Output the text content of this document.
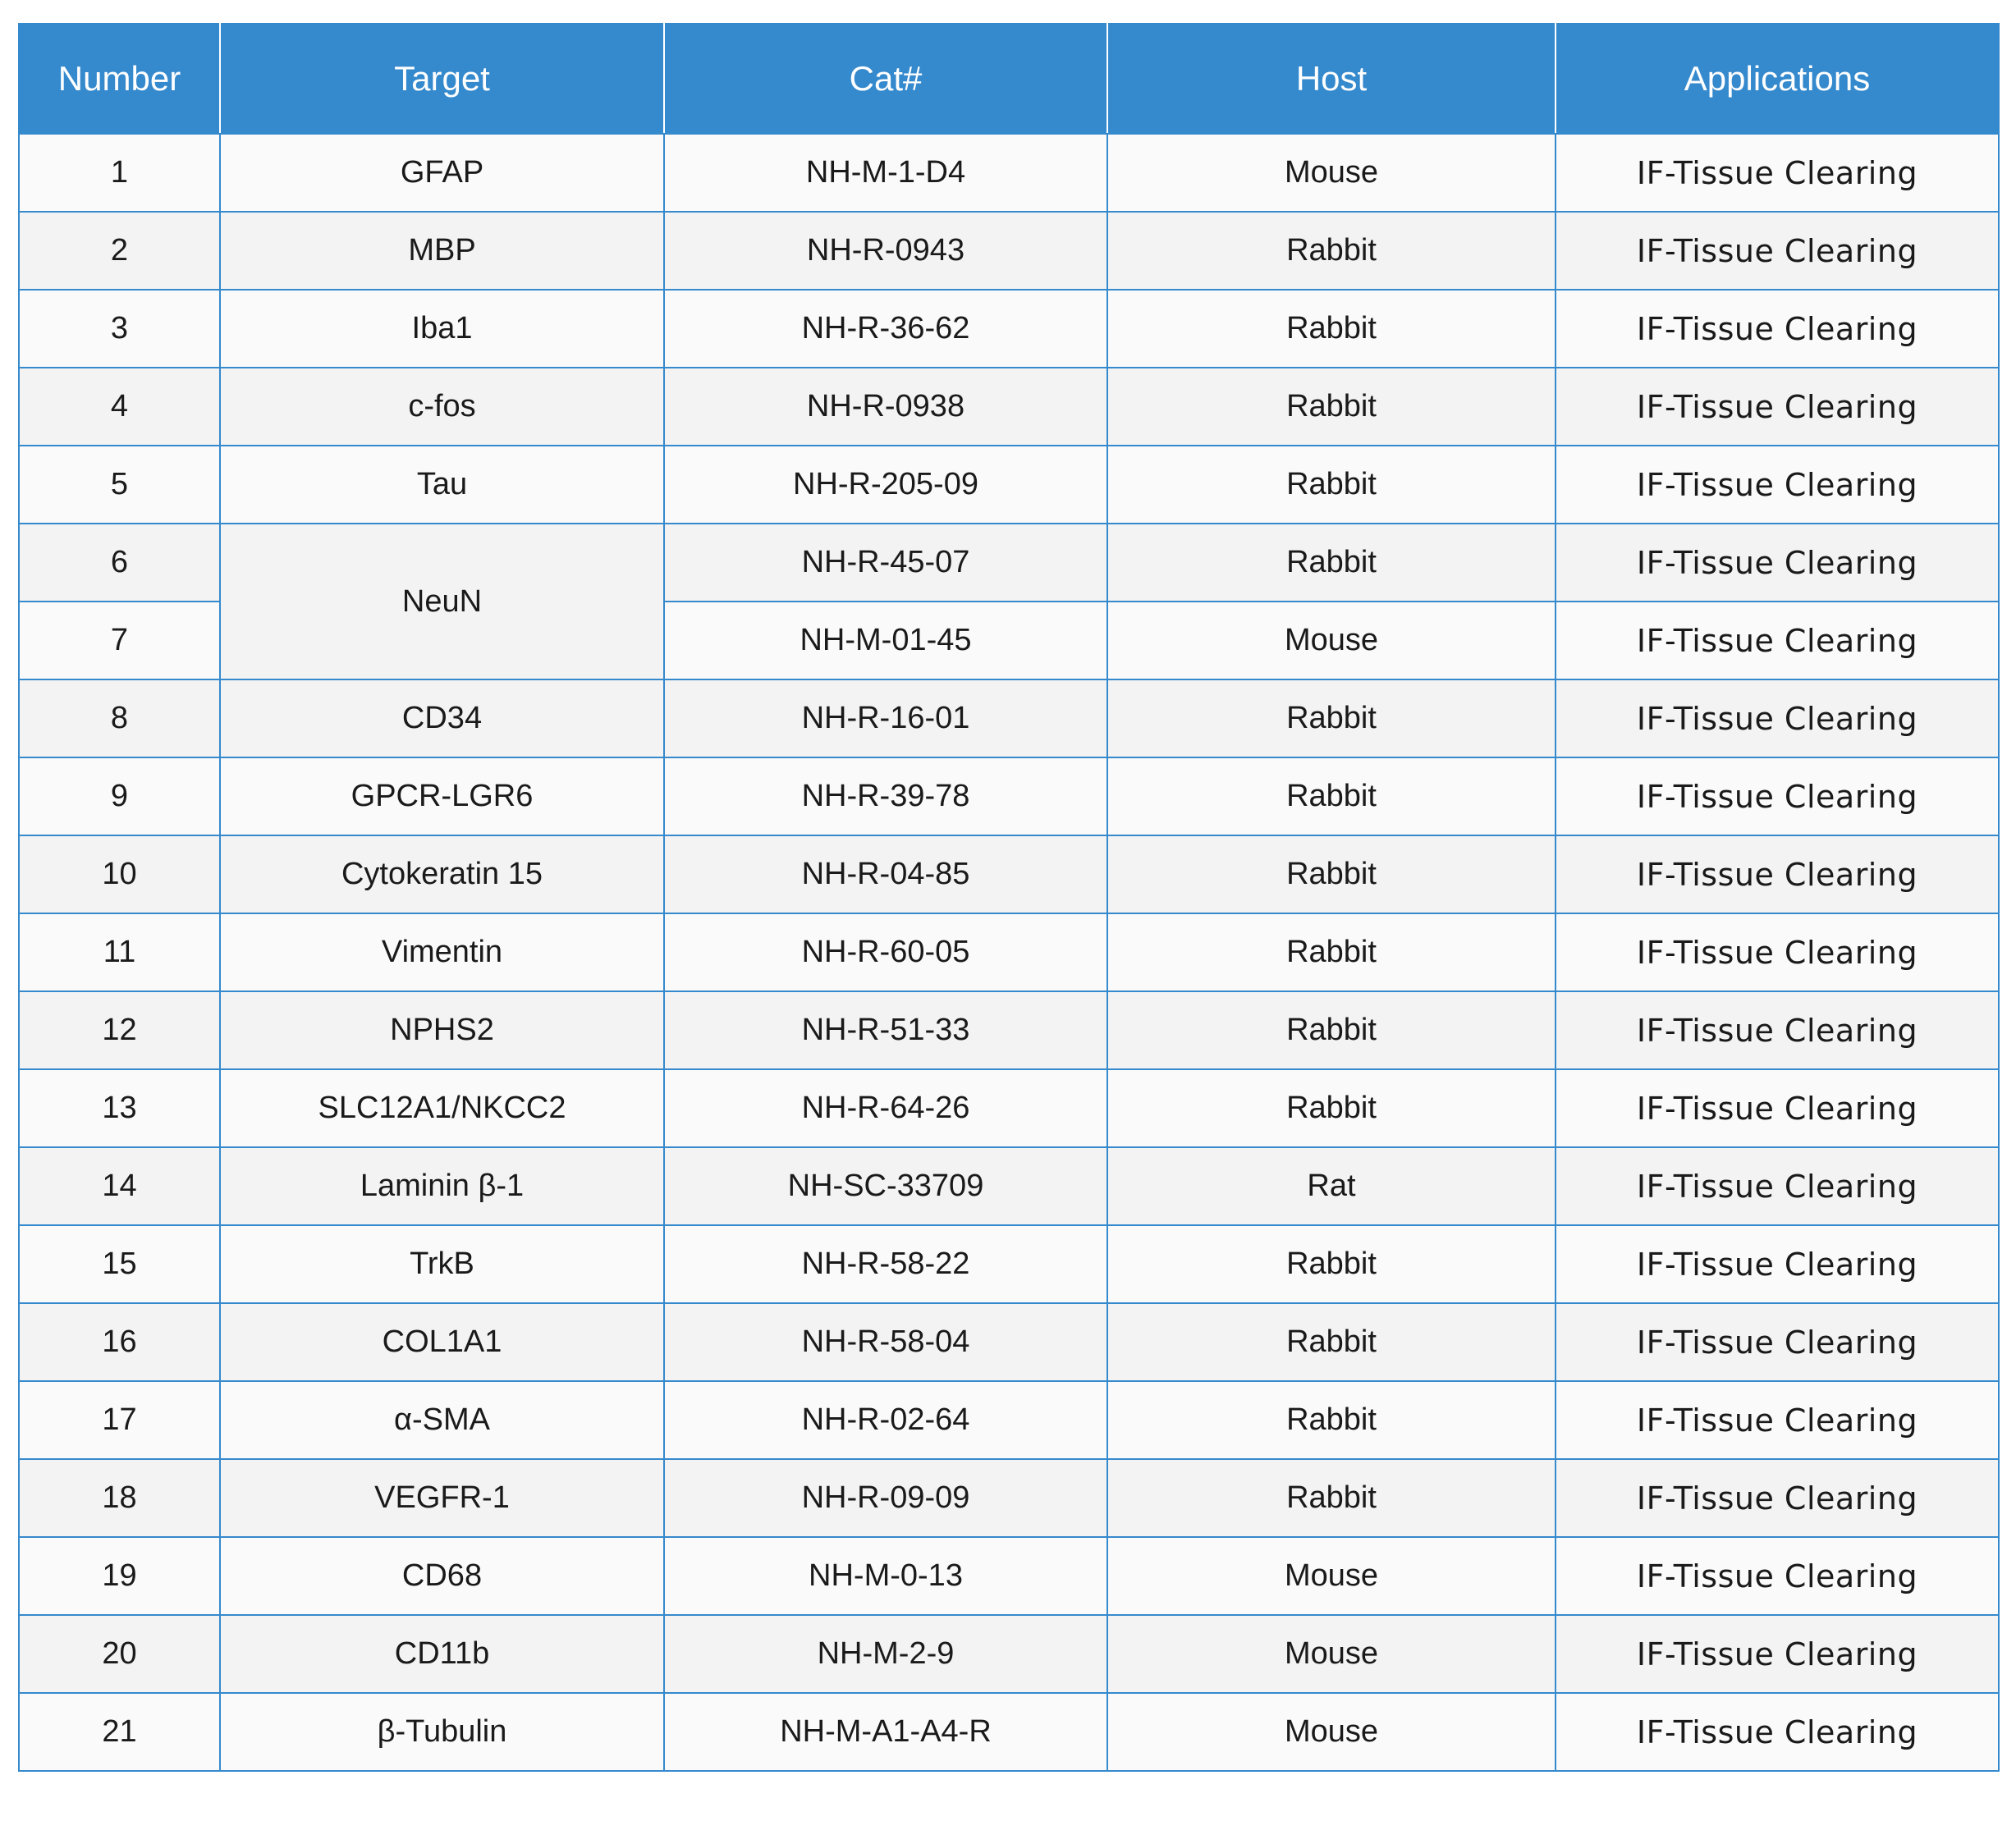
Number	Target	Cat#	Host	Applications
1	GFAP	NH-M-1-D4	Mouse	IF-Tissue Clearing
2	MBP	NH-R-0943	Rabbit	IF-Tissue Clearing
3	Iba1	NH-R-36-62	Rabbit	IF-Tissue Clearing
4	c-fos	NH-R-0938	Rabbit	IF-Tissue Clearing
5	Tau	NH-R-205-09	Rabbit	IF-Tissue Clearing
6	NeuN	NH-R-45-07	Rabbit	IF-Tissue Clearing
7		NH-M-01-45	Mouse	IF-Tissue Clearing
8	CD34	NH-R-16-01	Rabbit	IF-Tissue Clearing
9	GPCR-LGR6	NH-R-39-78	Rabbit	IF-Tissue Clearing
10	Cytokeratin 15	NH-R-04-85	Rabbit	IF-Tissue Clearing
11	Vimentin	NH-R-60-05	Rabbit	IF-Tissue Clearing
12	NPHS2	NH-R-51-33	Rabbit	IF-Tissue Clearing
13	SLC12A1/NKCC2	NH-R-64-26	Rabbit	IF-Tissue Clearing
14	Laminin β-1	NH-SC-33709	Rat	IF-Tissue Clearing
15	TrkB	NH-R-58-22	Rabbit	IF-Tissue Clearing
16	COL1A1	NH-R-58-04	Rabbit	IF-Tissue Clearing
17	α-SMA	NH-R-02-64	Rabbit	IF-Tissue Clearing
18	VEGFR-1	NH-R-09-09	Rabbit	IF-Tissue Clearing
19	CD68	NH-M-0-13	Mouse	IF-Tissue Clearing
20	CD11b	NH-M-2-9	Mouse	IF-Tissue Clearing
21	β-Tubulin	NH-M-A1-A4-R	Mouse	IF-Tissue Clearing
